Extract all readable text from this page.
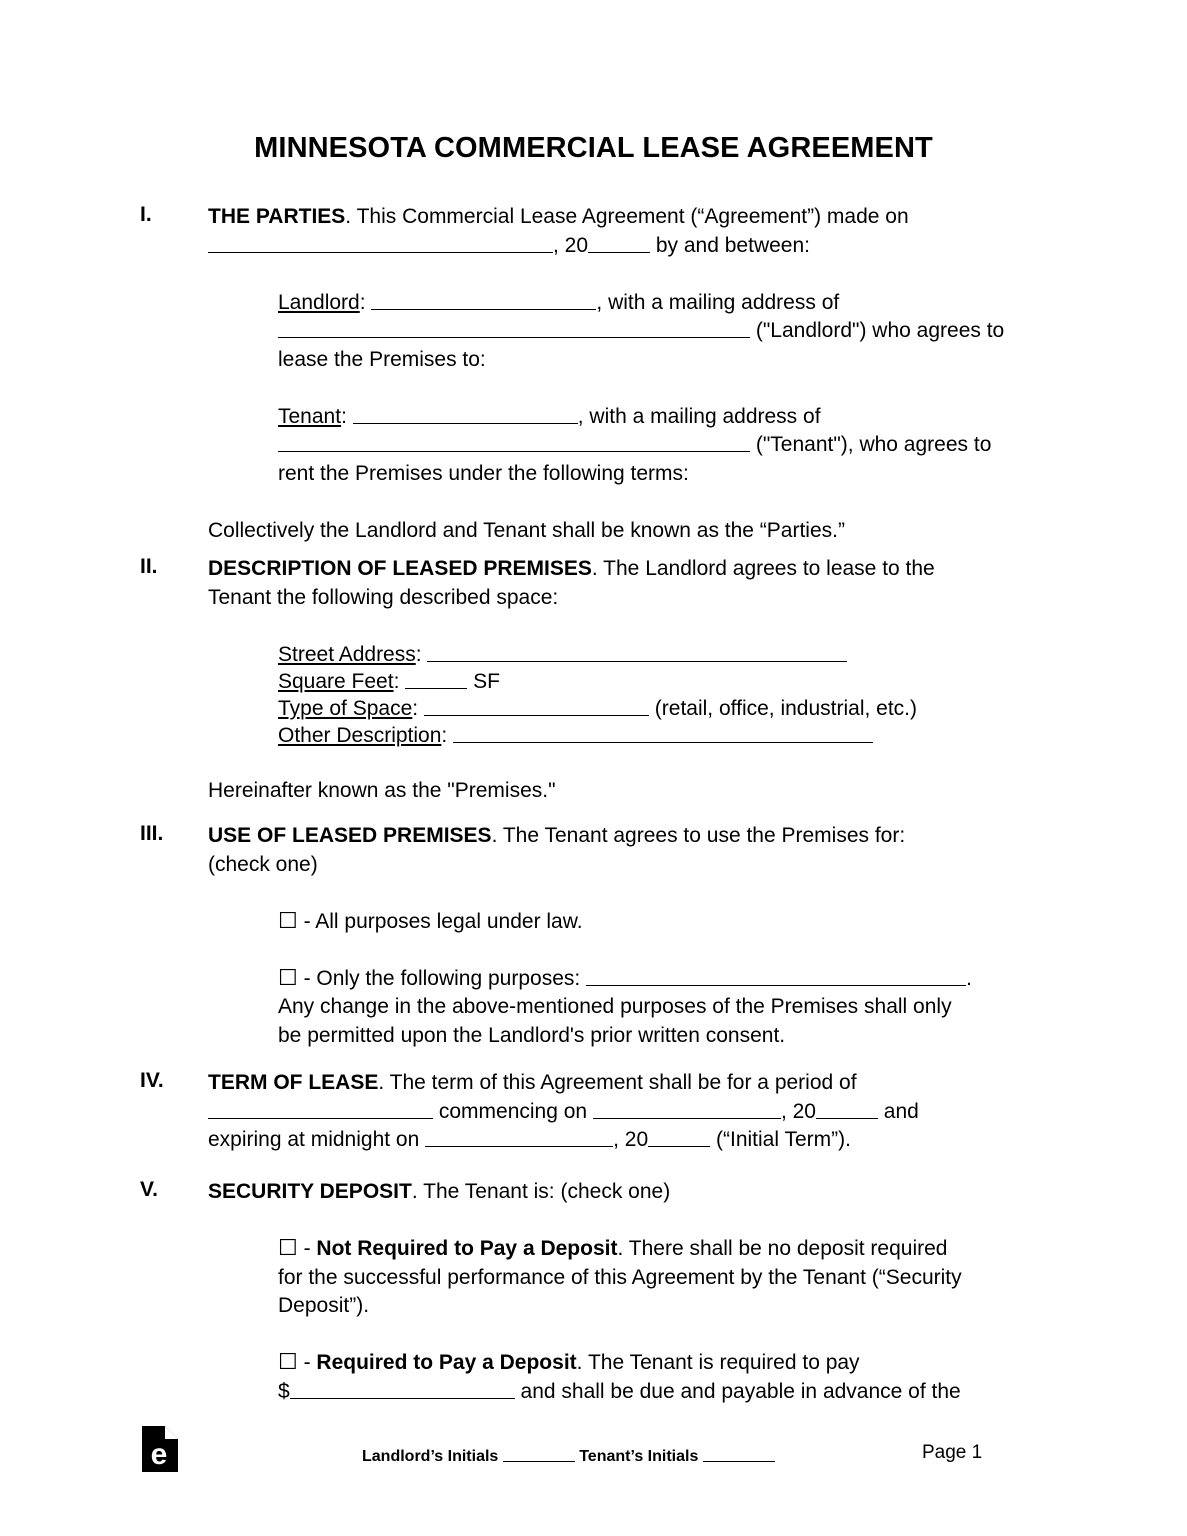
MINNESOTA COMMERCIAL LEASE AGREEMENT
I.	THE PARTIES. This Commercial Lease Agreement (“Agreement”) made on

, 20	by and between:

Landlord:	, with a mailing address of

("Landlord") who agrees to

lease the Premises to:

Tenant:	, with a mailing address of

("Tenant"), who agrees to

rent the Premises under the following terms:

Collectively the Landlord and Tenant shall be known as the “Parties.”

II.	DESCRIPTION OF LEASED PREMISES. The Landlord agrees to lease to the

Tenant the following described space:

Street Address:

Square Feet:	SF

Type of Space:	(retail, office, industrial, etc.)

Other Description:

Hereinafter known as the "Premises."

III.	USE OF LEASED PREMISES. The Tenant agrees to use the Premises for:

(check one)

☐ - All purposes legal under law.

☐ - Only the following purposes:	.

Any change in the above-mentioned purposes of the Premises shall only

be permitted upon the Landlord's prior written consent.

IV.	TERM OF LEASE. The term of this Agreement shall be for a period of

commencing on	, 20	and

expiring at midnight on	, 20	(“Initial Term”).

V.	SECURITY DEPOSIT. The Tenant is: (check one)

☐ - Not Required to Pay a Deposit. There shall be no deposit required

for the successful performance of this Agreement by the Tenant (“Security

Deposit”).

☐ - Required to Pay a Deposit. The Tenant is required to pay

$	and shall be due and payable in advance of the

e	Landlord’s Initials	Tenant’s Initials	Page 1
